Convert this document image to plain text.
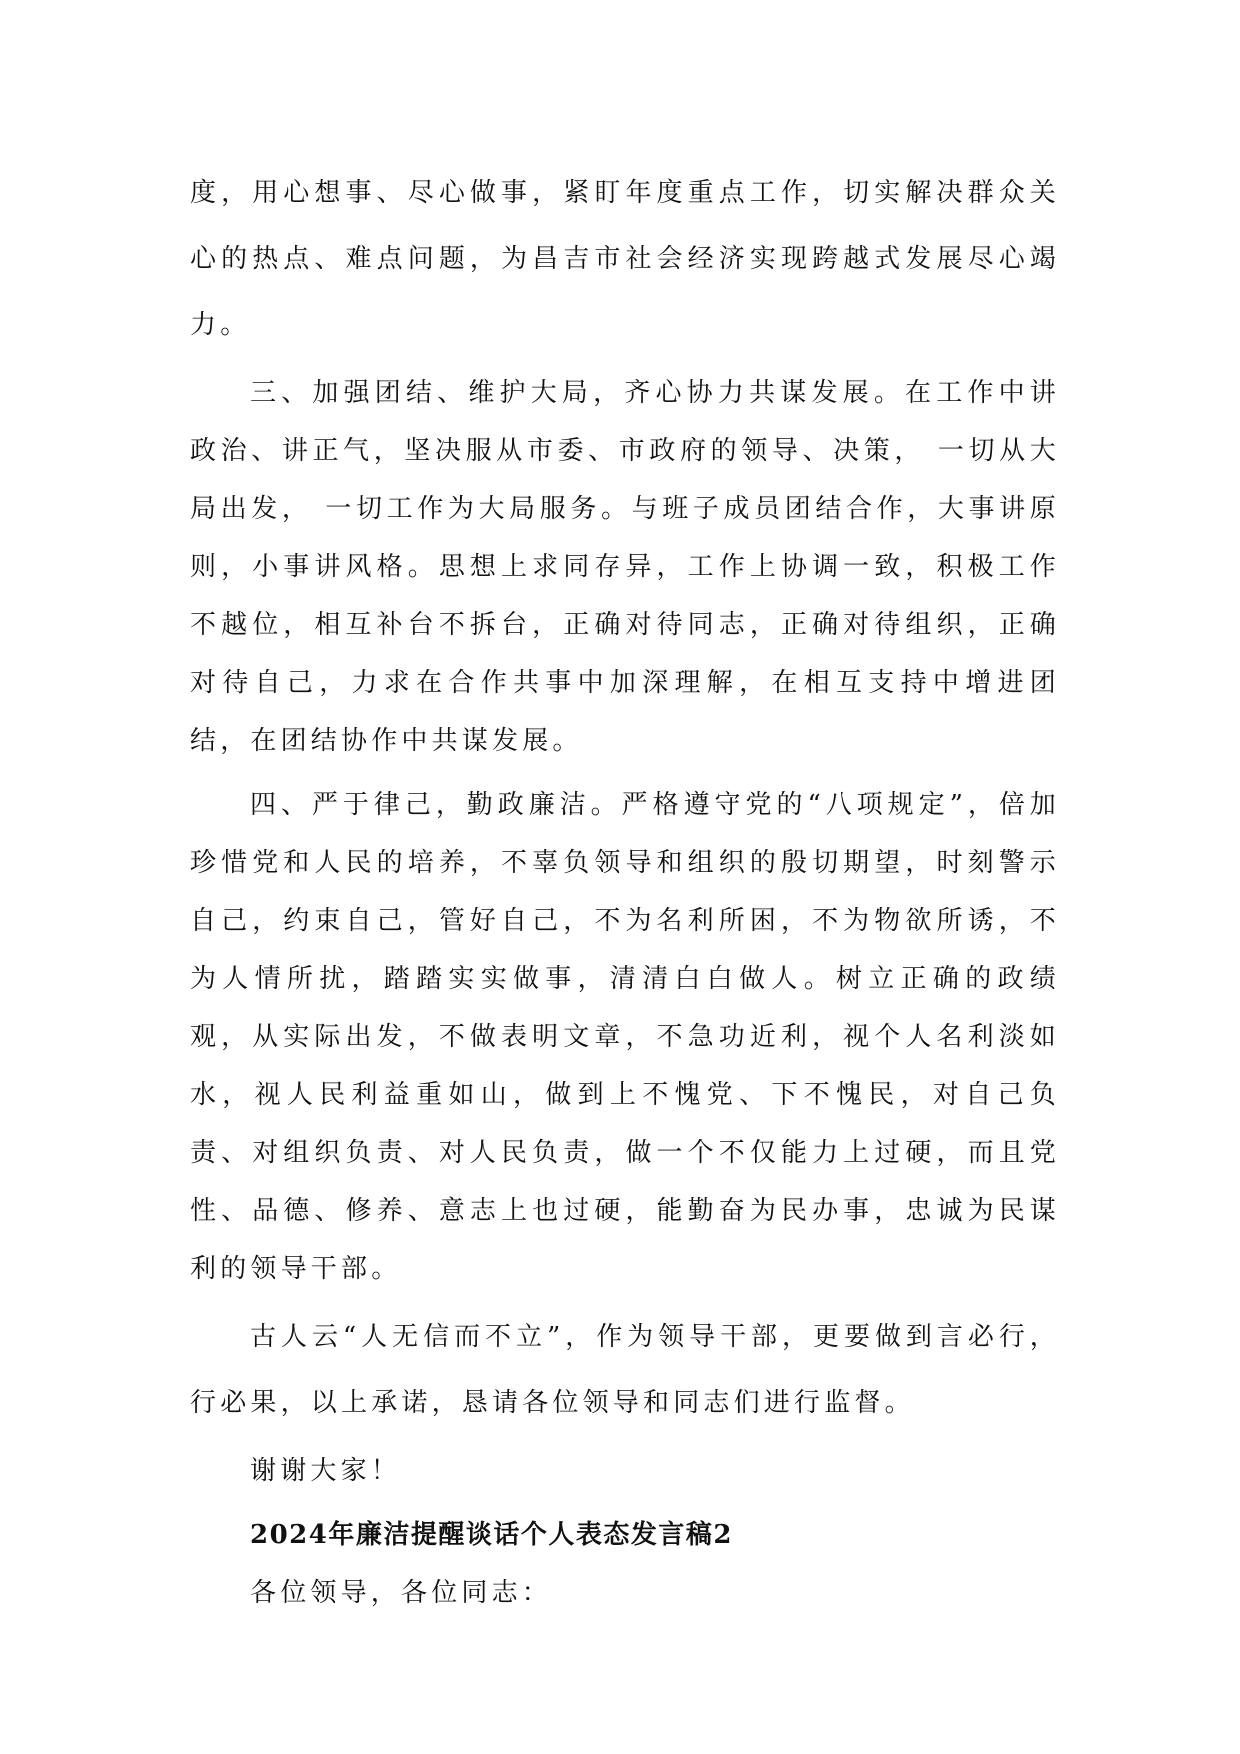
度，用心想事、尽心做事，紧盯年度重点工作，切实解决群众关心的热点、难点问题，为昌吉市社会经济实现跨越式发展尽心竭力。

三、加强团结、维护大局，齐心协力共谋发展。在工作中讲政治、讲正气，坚决服从市委、市政府的领导、决策， 一切从大局出发， 一切工作为大局服务。与班子成员团结合作，大事讲原则，小事讲风格。思想上求同存异，工作上协调一致，积极工作不越位，相互补台不拆台，正确对待同志，正确对待组织，正确对待自己，力求在合作共事中加深理解，在相互支持中增进团结，在团结协作中共谋发展。

四、严于律己，勤政廉洁。严格遵守党的“八项规定”，倍加珍惜党和人民的培养，不辜负领导和组织的殷切期望，时刻警示自己，约束自己，管好自己，不为名利所困，不为物欲所诱，不为人情所扰，踏踏实实做事，清清白白做人。树立正确的政绩观，从实际出发，不做表明文章，不急功近利，视个人名利淡如水，视人民利益重如山，做到上不愧党、下不愧民，对自己负责、对组织负责、对人民负责，做一个不仅能力上过硬，而且党性、品德、修养、意志上也过硬，能勤奋为民办事，忠诚为民谋利的领导干部。

古人云“人无信而不立”，作为领导干部，更要做到言必行，行必果，以上承诺，恳请各位领导和同志们进行监督。

谢谢大家！

2024年廉洁提醒谈话个人表态发言稿2

各位领导，各位同志：
